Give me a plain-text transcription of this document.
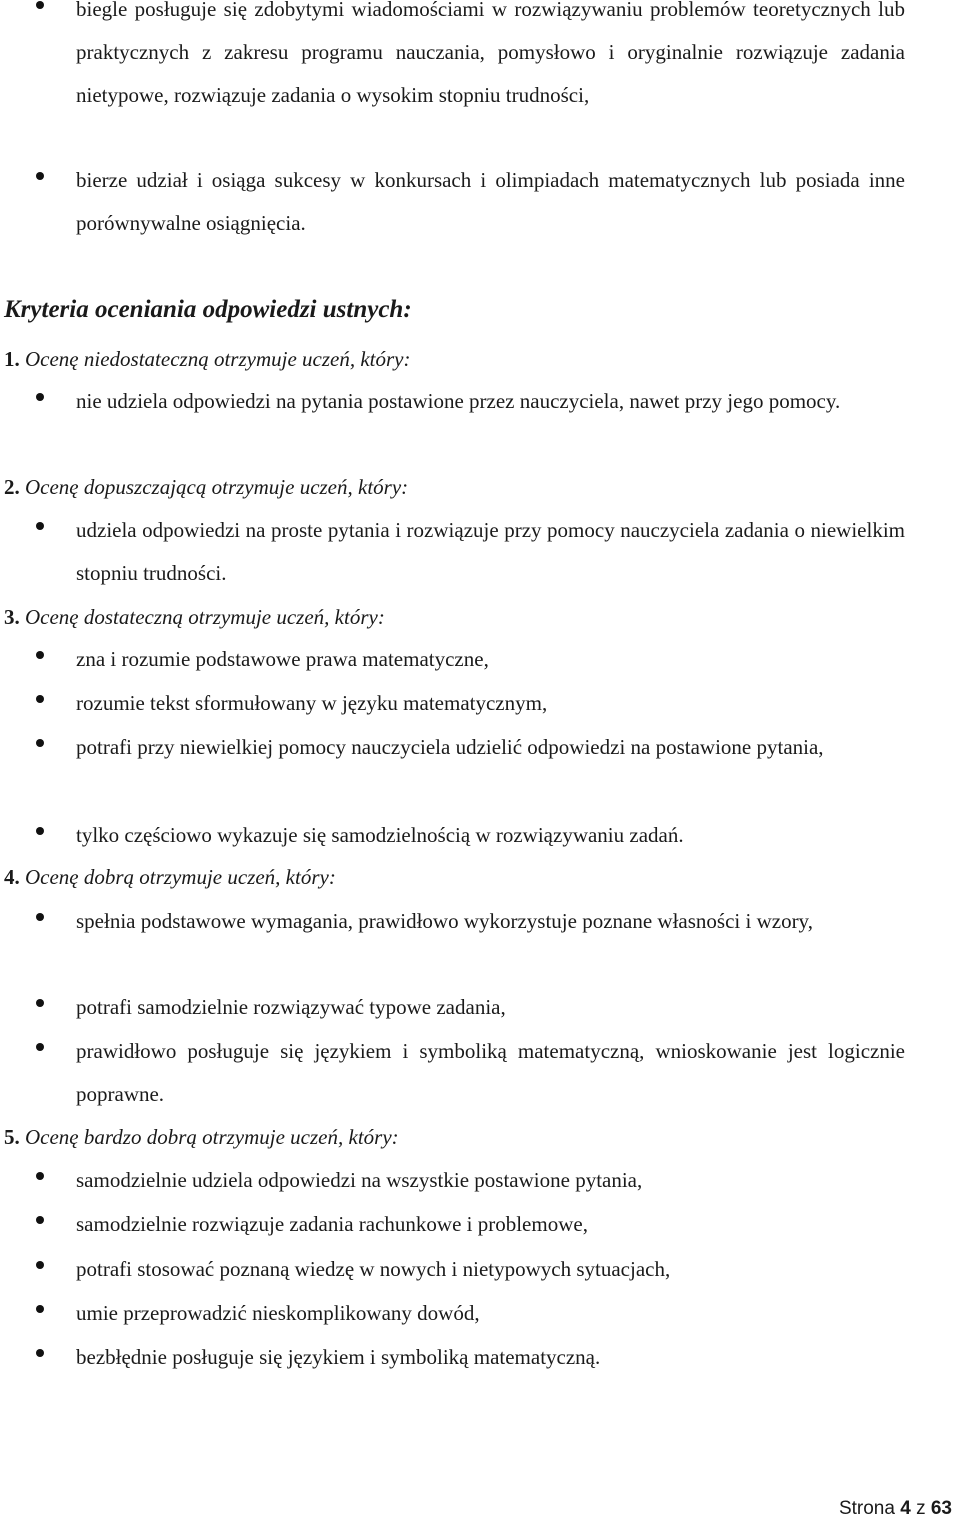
biegle posługuje się zdobytymi wiadomościami w rozwiązywaniu problemów teoretycznych lub praktycznych z zakresu programu nauczania, pomysłowo i oryginalnie rozwiązuje zadania nietypowe, rozwiązuje zadania o wysokim stopniu trudności,
bierze udział i osiąga sukcesy w konkursach i olimpiadach matematycznych lub posiada inne porównywalne osiągnięcia.
Kryteria oceniania odpowiedzi ustnych:
1. Ocenę niedostateczną otrzymuje uczeń, który:
nie udziela odpowiedzi na pytania postawione przez nauczyciela, nawet przy jego pomocy.
2. Ocenę dopuszczającą otrzymuje uczeń, który:
udziela odpowiedzi na proste pytania i rozwiązuje przy pomocy nauczyciela zadania o niewielkim stopniu trudności.
3. Ocenę dostateczną otrzymuje uczeń, który:
zna i rozumie podstawowe prawa matematyczne,
rozumie tekst sformułowany w języku matematycznym,
potrafi przy niewielkiej pomocy nauczyciela udzielić odpowiedzi na postawione pytania,
tylko częściowo wykazuje się samodzielnością w rozwiązywaniu zadań.
4. Ocenę dobrą otrzymuje uczeń, który:
spełnia podstawowe wymagania, prawidłowo wykorzystuje poznane własności i wzory,
potrafi samodzielnie rozwiązywać typowe zadania,
prawidłowo posługuje się językiem i symboliką matematyczną, wnioskowanie jest logicznie poprawne.
5. Ocenę bardzo dobrą otrzymuje uczeń, który:
samodzielnie udziela odpowiedzi na wszystkie postawione pytania,
samodzielnie rozwiązuje zadania rachunkowe i problemowe,
potrafi stosować poznaną wiedzę w nowych i nietypowych sytuacjach,
umie przeprowadzić nieskomplikowany dowód,
bezbłędnie posługuje się językiem i symboliką matematyczną.
Strona 4 z 63
